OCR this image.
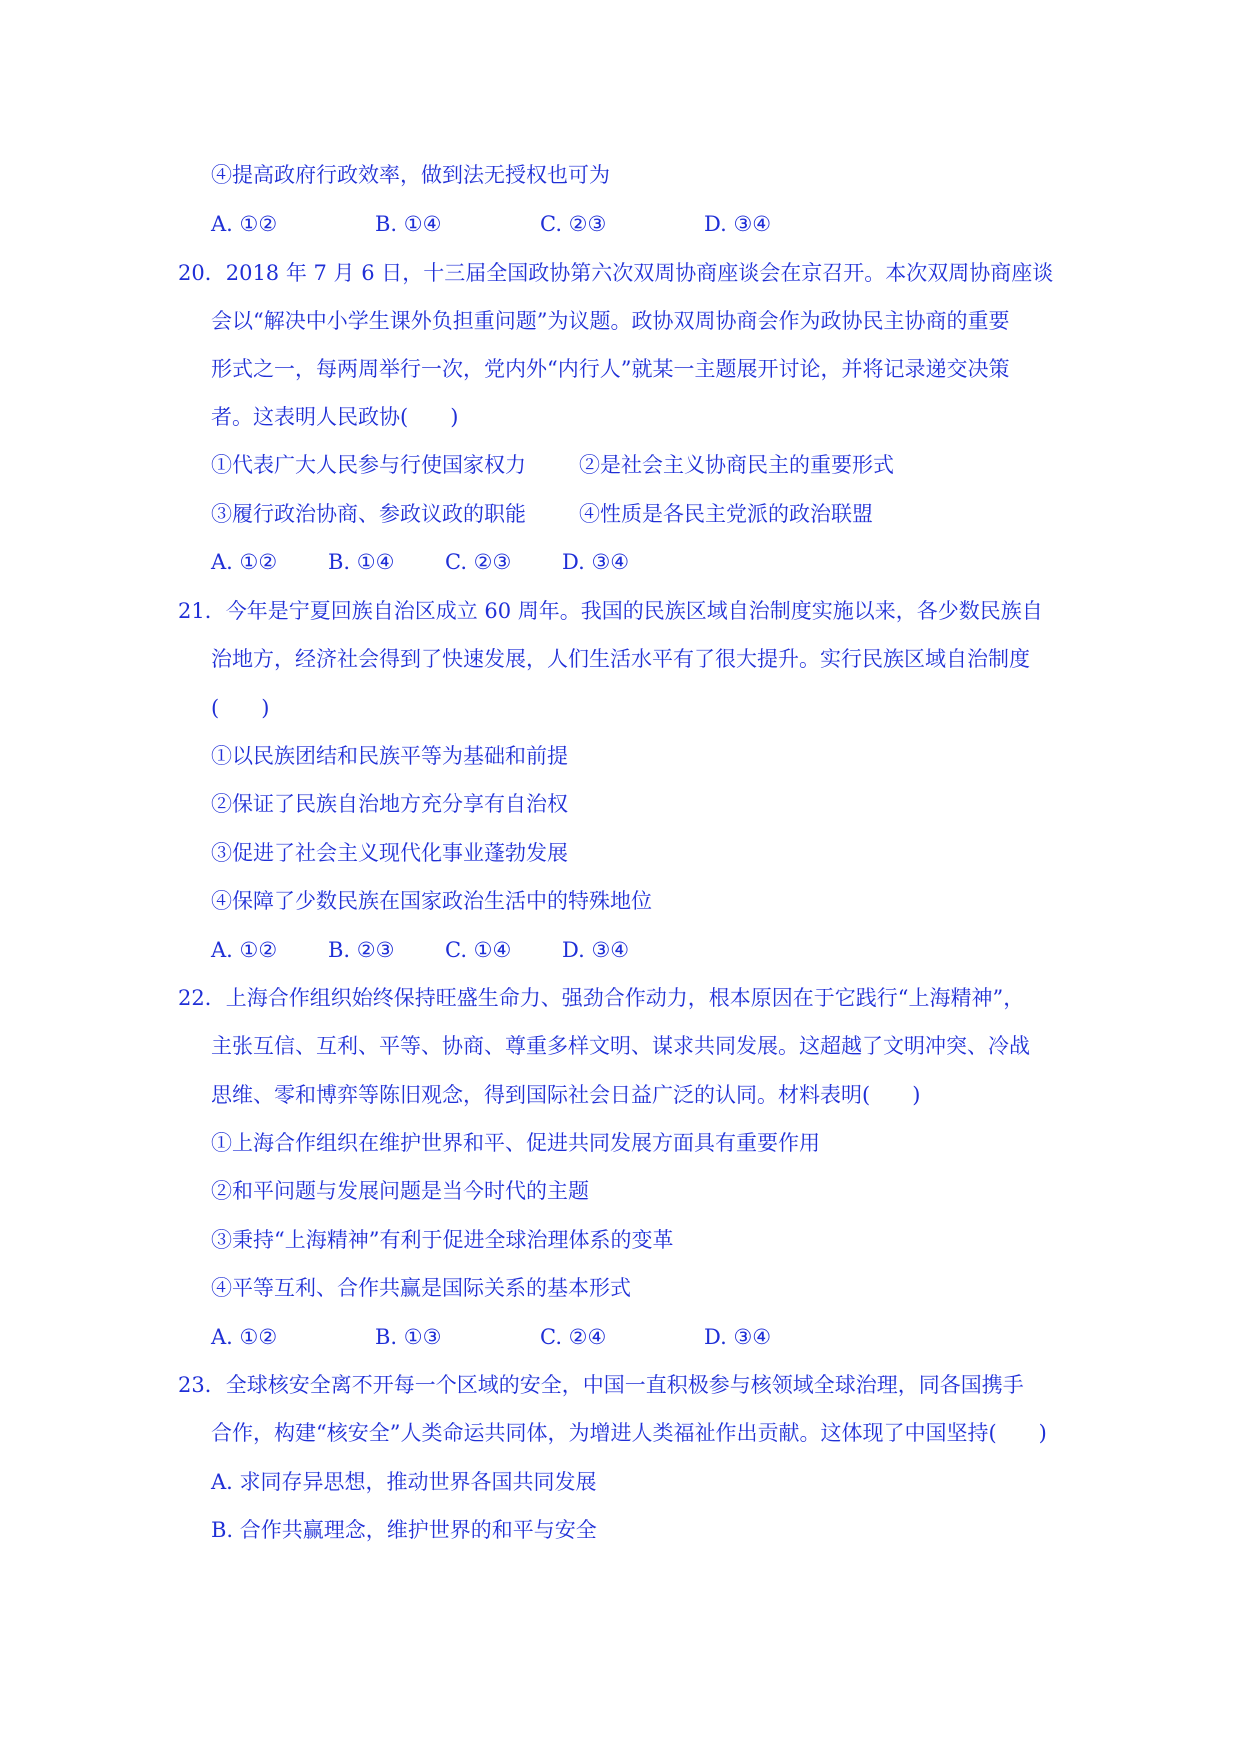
④提高政府行政效率，做到法无授权也可为
A. ①②	B. ①④	C. ②③	D. ③④
20．2018 年 7 月 6 日，十三届全国政协第六次双周协商座谈会在京召开。本次双周协商座谈
会以“解决中小学生课外负担重问题”为议题。政协双周协商会作为政协民主协商的重要
形式之一，每两周举行一次，党内外“内行人”就某一主题展开讨论，并将记录递交决策
者。这表明人民政协(　　)
①代表广大人民参与行使国家权力	②是社会主义协商民主的重要形式
③履行政治协商、参政议政的职能	④性质是各民主党派的政治联盟
A. ①② B. ①④ C. ②③ D. ③④
21．今年是宁夏回族自治区成立 60 周年。我国的民族区域自治制度实施以来，各少数民族自
治地方，经济社会得到了快速发展，人们生活水平有了很大提升。实行民族区域自治制度
(　　)
①以民族团结和民族平等为基础和前提
②保证了民族自治地方充分享有自治权
③促进了社会主义现代化事业蓬勃发展
④保障了少数民族在国家政治生活中的特殊地位
A. ①② B. ②③ C. ①④ D. ③④
22．上海合作组织始终保持旺盛生命力、强劲合作动力，根本原因在于它践行“上海精神”，
主张互信、互利、平等、协商、尊重多样文明、谋求共同发展。这超越了文明冲突、冷战
思维、零和博弈等陈旧观念，得到国际社会日益广泛的认同。材料表明(　　)
①上海合作组织在维护世界和平、促进共同发展方面具有重要作用
②和平问题与发展问题是当今时代的主题
③秉持“上海精神”有利于促进全球治理体系的变革
④平等互利、合作共赢是国际关系的基本形式
A. ①②	B. ①③	C. ②④	D. ③④
23．全球核安全离不开每一个区域的安全，中国一直积极参与核领域全球治理，同各国携手
合作，构建“核安全”人类命运共同体，为增进人类福祉作出贡献。这体现了中国坚持(　　)
A. 求同存异思想，推动世界各国共同发展
B. 合作共赢理念，维护世界的和平与安全
